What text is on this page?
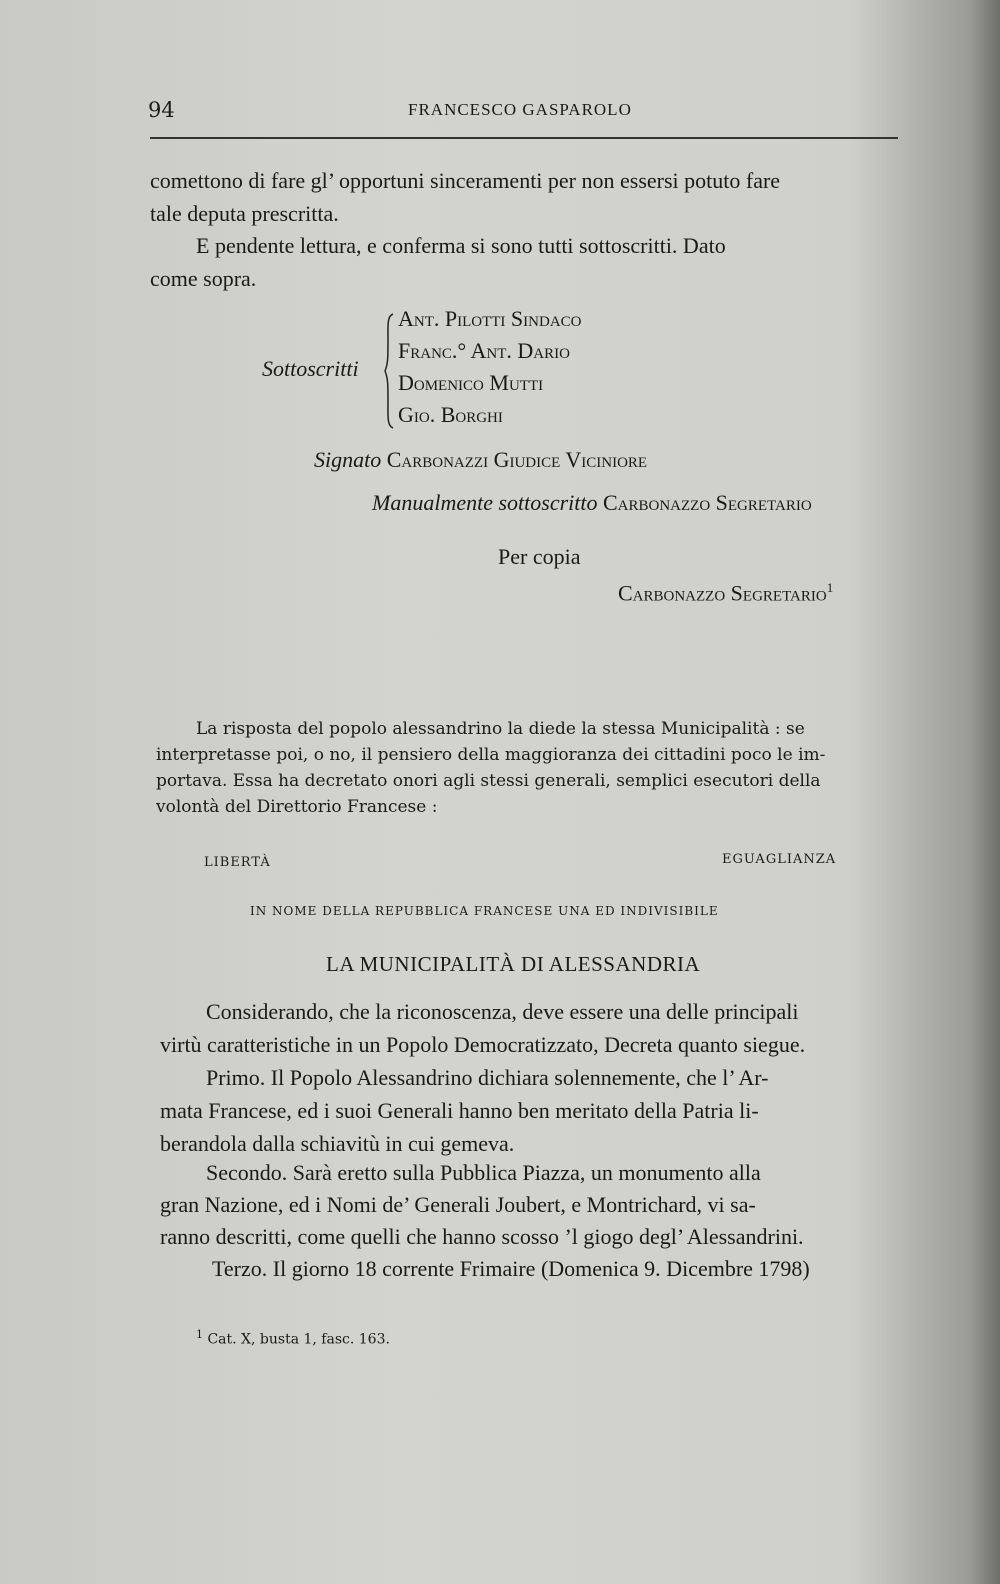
94	FRANCESCO GASPAROLO
comettono di fare gl’ opportuni sinceramenti per non essersi potuto fare
tale deputa prescritta.
E pendente lettura, e conferma si sono tutti sottoscritti. Dato
come sopra.
Sottoscritti
Ant. Pilotti Sindaco
Franc.° Ant. Dario
Domenico Mutti
Gio. Borghi
Signato Carbonazzi Giudice Viciniore
Manualmente sottoscritto Carbonazzo Segretario
Per copia
Carbonazzo Segretario$^1$
La risposta del popolo alessandrino la diede la stessa Municipalità : se
interpretasse poi, o no, il pensiero della maggioranza dei cittadini poco le im-
portava. Essa ha decretato onori agli stessi generali, semplici esecutori della
volontà del Direttorio Francese :
LIBERTÀ	EGUAGLIANZA
IN NOME DELLA REPUBBLICA FRANCESE UNA ED INDIVISIBILE
LA MUNICIPALITÀ DI ALESSANDRIA
Considerando, che la riconoscenza, deve essere una delle principali
virtù caratteristiche in un Popolo Democratizzato, Decreta quanto siegue.
Primo. Il Popolo Alessandrino dichiara solennemente, che l’ Ar-
mata Francese, ed i suoi Generali hanno ben meritato della Patria li-
berandola dalla schiavitù in cui gemeva.
Secondo. Sarà eretto sulla Pubblica Piazza, un monumento alla
gran Nazione, ed i Nomi de’ Generali Joubert, e Montrichard, vi sa-
ranno descritti, come quelli che hanno scosso ’l giogo degl’ Alessandrini.
Terzo. Il giorno 18 corrente Frimaire (Domenica 9. Dicembre 1798)
$^1$ Cat. X, busta 1, fasc. 163.
